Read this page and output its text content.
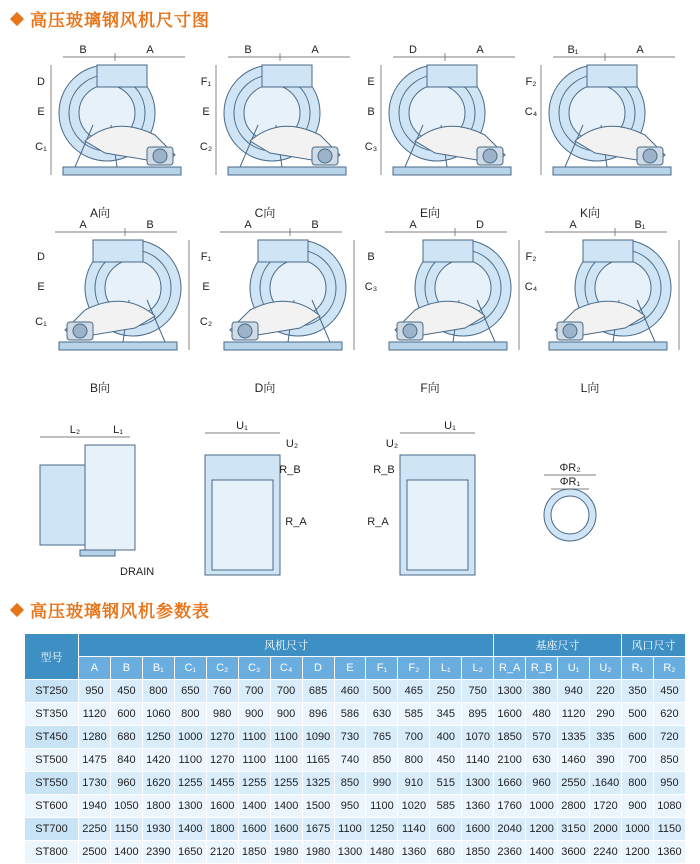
高压玻璃钢风机尺寸图
A向
B	A
D
E
C₁
C向
B	A
F₁
E
C₂
E向
D	A
E
B
C₃
K向
B₁	A
F₂
C₄
B向
A	B
D
E
C₁
D向
A	B
F₁
E
C₂
F向
A	D
B
C₃
L向
A	B₁
F₂
C₄
L₂	L₁
DRAIN
U₁
U₂
R_B
R_A
U₁
U₂
R_B
R_A
ΦR₂
ΦR₁
高压玻璃钢风机参数表
型号	风机尺寸													基座尺寸				风口尺寸	
	A	B	B₁	C₁	C₂	C₃	C₄	D	E	F₁	F₂	L₁	L₂	R_A	R_B	U₁	U₂	R₁	R₂
ST250	950	450	800	650	760	700	700	685	460	500	465	250	750	1300	380	940	220	350	450
ST350	1120	600	1060	800	980	900	900	896	586	630	585	345	895	1600	480	1120	290	500	620
ST450	1280	680	1250	1000	1270	1100	1100	1090	730	765	700	400	1070	1850	570	1335	335	600	720
ST500	1475	840	1420	1100	1270	1100	1100	1165	740	850	800	450	1140	2100	630	1460	390	700	850
ST550	1730	960	1620	1255	1455	1255	1255	1325	850	990	910	515	1300	1660	960	2550	.1640	800	950
ST600	1940	1050	1800	1300	1600	1400	1400	1500	950	1100	1020	585	1360	1760	1000	2800	1720	900	1080
ST700	2250	1150	1930	1400	1800	1600	1600	1675	1100	1250	1140	600	1600	2040	1200	3150	2000	1000	1150
ST800	2500	1400	2390	1650	2120	1850	1980	1980	1300	1480	1360	680	1850	2360	1400	3600	2240	1200	1360
